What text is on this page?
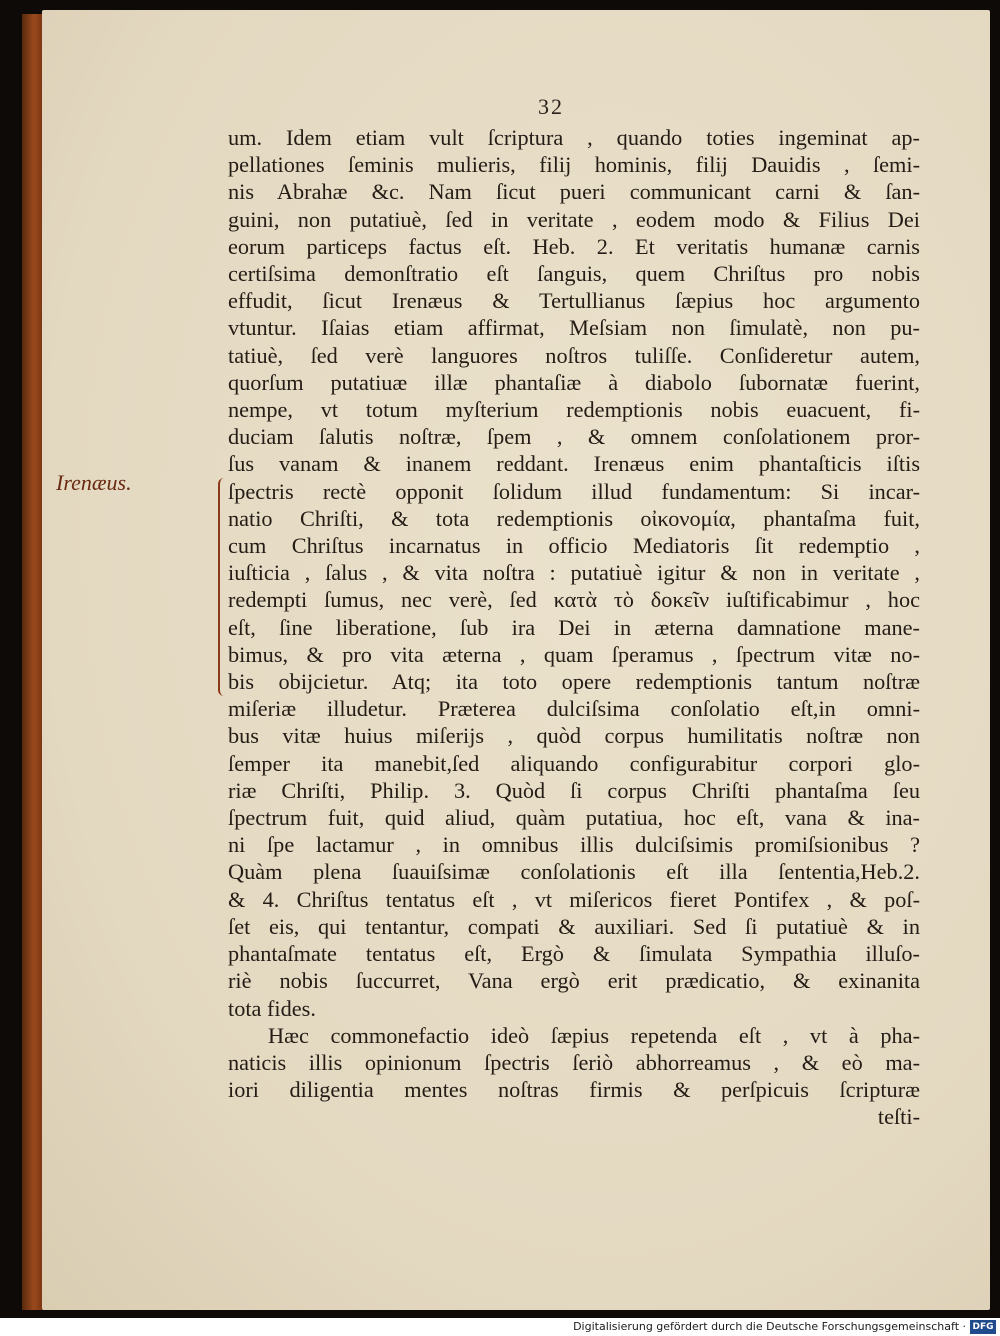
32
Irenæus.
um. Idem etiam vult ſcriptura , quando toties ingeminat ap-
pellationes ſeminis mulieris, filij hominis, filij Dauidis , ſemi-
nis Abrahæ &c. Nam ſicut pueri communicant carni & ſan-
guini, non putatiuè, ſed in veritate , eodem modo & Filius Dei
eorum particeps factus eſt. Heb. 2. Et veritatis humanæ carnis
certiſsima demonſtratio eſt ſanguis, quem Chriſtus pro nobis
effudit, ſicut Irenæus & Tertullianus ſæpius hoc argumento
vtuntur. Iſaias etiam affirmat, Meſsiam non ſimulatè, non pu-
tatiuè, ſed verè languores noſtros tuliſſe. Conſideretur autem,
quorſum putatiuæ illæ phantaſiæ à diabolo ſubornatæ fuerint,
nempe, vt totum myſterium redemptionis nobis euacuent, fi-
duciam ſalutis noſtræ, ſpem , & omnem conſolationem pror-
ſus vanam & inanem reddant. Irenæus enim phantaſticis iſtis
ſpectris rectè opponit ſolidum illud fundamentum: Si incar-
natio Chriſti, & tota redemptionis οἰκονομία, phantaſma fuit,
cum Chriſtus incarnatus in officio Mediatoris ſit redemptio ,
iuſticia , ſalus , & vita noſtra : putatiuè igitur & non in veritate ,
redempti ſumus, nec verè, ſed κατὰ τὸ δοκεῖν iuſtificabimur , hoc
eſt, ſine liberatione, ſub ira Dei in æterna damnatione mane-
bimus, & pro vita æterna , quam ſperamus , ſpectrum vitæ no-
bis obijcietur. Atq; ita toto opere redemptionis tantum noſtræ
miſeriæ illudetur. Præterea dulciſsima conſolatio eſt,in omni-
bus vitæ huius miſerijs , quòd corpus humilitatis noſtræ non
ſemper ita manebit,ſed aliquando configurabitur corpori glo-
riæ Chriſti, Philip. 3. Quòd ſi corpus Chriſti phantaſma ſeu
ſpectrum fuit, quid aliud, quàm putatiua, hoc eſt, vana & ina-
ni ſpe lactamur , in omnibus illis dulciſsimis promiſsionibus ?
Quàm plena ſuauiſsimæ conſolationis eſt illa ſententia,Heb.2.
& 4. Chriſtus tentatus eſt , vt miſericos fieret Pontifex , & poſ-
ſet eis, qui tentantur, compati & auxiliari. Sed ſi putatiuè & in
phantaſmate tentatus eſt, Ergò & ſimulata Sympathia illuſo-
riè nobis ſuccurret, Vana ergò erit prædicatio, & exinanita
tota fides.
Hæc commonefactio ideò ſæpius repetenda eſt , vt à pha-
naticis illis opinionum ſpectris ſeriò abhorreamus , & eò ma-
iori diligentia mentes noſtras firmis & perſpicuis ſcripturæ
teſti-
Digitalisierung gefördert durch die Deutsche Forschungsgemeinschaft · DFG
